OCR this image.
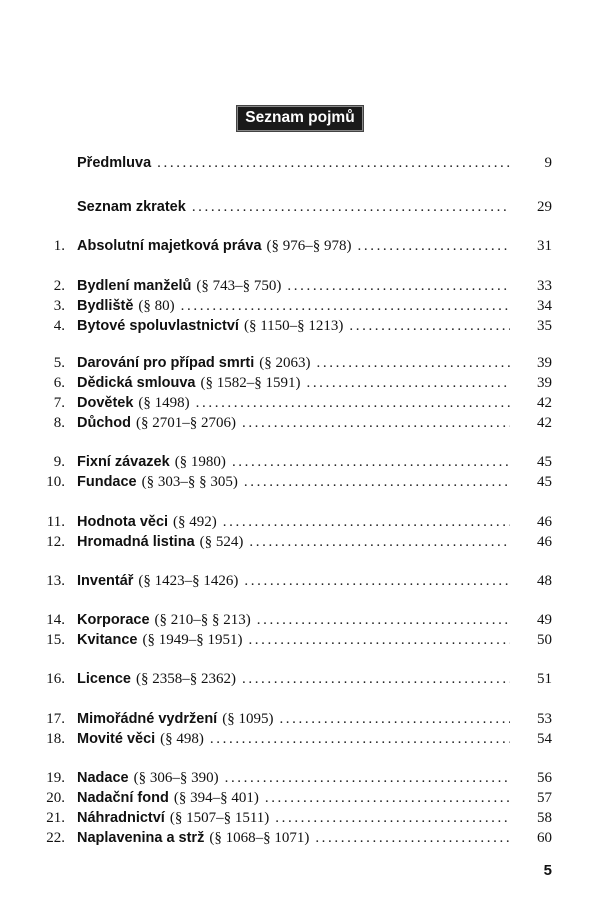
Seznam pojmů
Předmluva .....	9
Seznam zkratek .....	29
1. Absolutní majetková práva (§ 976–§ 978) .....	31
2. Bydlení manželů (§ 743–§ 750) .....	33
3. Bydliště (§ 80) .....	34
4. Bytové spoluvlastnictví (§ 1150–§ 1213) .....	35
5. Darování pro případ smrti (§ 2063) .....	39
6. Dědická smlouva (§ 1582–§ 1591) .....	39
7. Dovětek (§ 1498) .....	42
8. Důchod (§ 2701–§ 2706) .....	42
9. Fixní závazek (§ 1980) .....	45
10. Fundace (§ 303–§ § 305) .....	45
11. Hodnota věci (§ 492) .....	46
12. Hromadná listina (§ 524) .....	46
13. Inventář (§ 1423–§ 1426) .....	48
14. Korporace (§ 210–§ § 213) .....	49
15. Kvitance (§ 1949–§ 1951) .....	50
16. Licence (§ 2358–§ 2362) .....	51
17. Mimořádné vydržení (§ 1095) .....	53
18. Movité věci (§ 498) .....	54
19. Nadace (§ 306–§ 390) .....	56
20. Nadační fond (§ 394–§ 401) .....	57
21. Náhradnictví (§ 1507–§ 1511) .....	58
22. Naplavenina a strž (§ 1068–§ 1071) .....	60
5
